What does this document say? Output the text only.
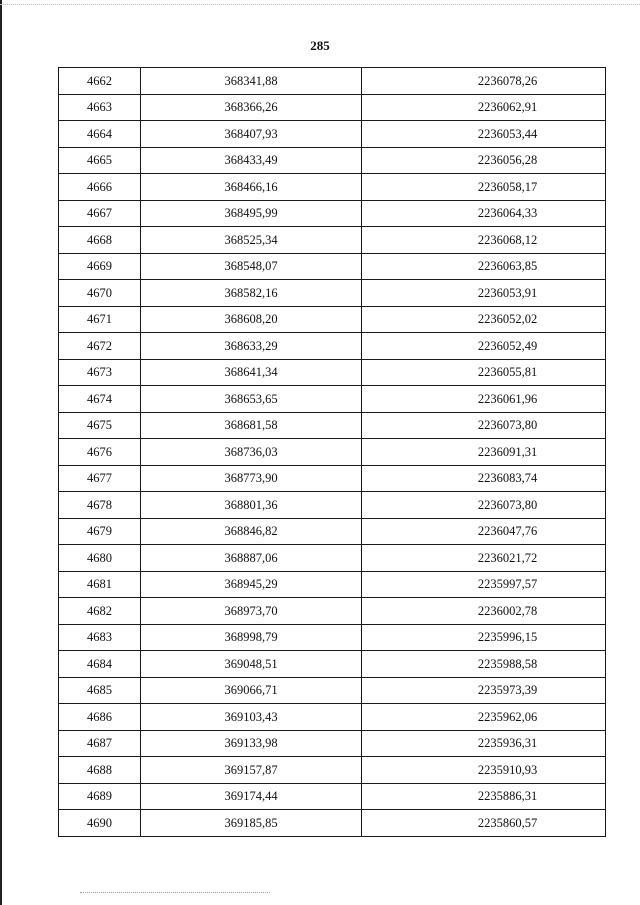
285
4662	368341,88	2236078,26
4663	368366,26	2236062,91
4664	368407,93	2236053,44
4665	368433,49	2236056,28
4666	368466,16	2236058,17
4667	368495,99	2236064,33
4668	368525,34	2236068,12
4669	368548,07	2236063,85
4670	368582,16	2236053,91
4671	368608,20	2236052,02
4672	368633,29	2236052,49
4673	368641,34	2236055,81
4674	368653,65	2236061,96
4675	368681,58	2236073,80
4676	368736,03	2236091,31
4677	368773,90	2236083,74
4678	368801,36	2236073,80
4679	368846,82	2236047,76
4680	368887,06	2236021,72
4681	368945,29	2235997,57
4682	368973,70	2236002,78
4683	368998,79	2235996,15
4684	369048,51	2235988,58
4685	369066,71	2235973,39
4686	369103,43	2235962,06
4687	369133,98	2235936,31
4688	369157,87	2235910,93
4689	369174,44	2235886,31
4690	369185,85	2235860,57
